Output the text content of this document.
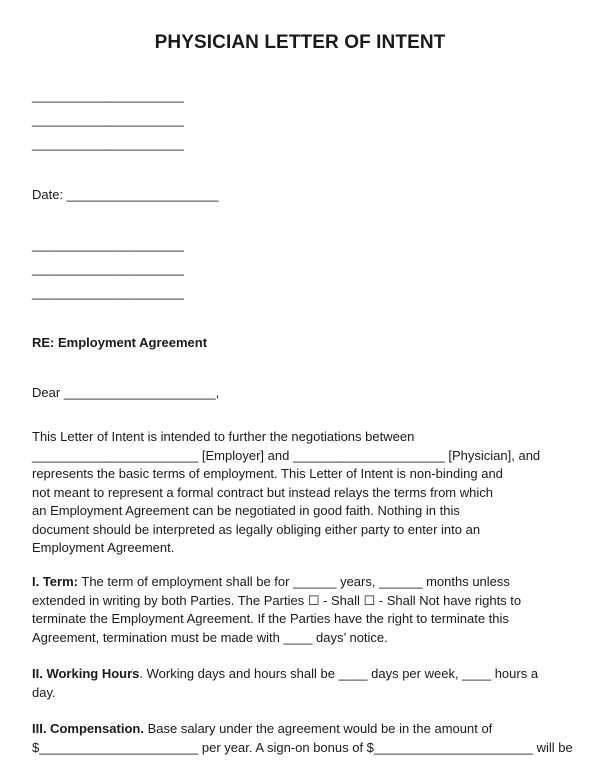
PHYSICIAN LETTER OF INTENT
_____________________
_____________________
_____________________
Date: _____________________
_____________________
_____________________
_____________________
RE: Employment Agreement
Dear _____________________,
This Letter of Intent is intended to further the negotiations between
_______________________ [Employer] and _____________________ [Physician], and
represents the basic terms of employment. This Letter of Intent is non-binding and
not meant to represent a formal contract but instead relays the terms from which
an Employment Agreement can be negotiated in good faith. Nothing in this
document should be interpreted as legally obliging either party to enter into an
Employment Agreement.
I. Term: The term of employment shall be for ______ years, ______ months unless
extended in writing by both Parties. The Parties ☐ - Shall ☐ - Shall Not have rights to
terminate the Employment Agreement. If the Parties have the right to terminate this
Agreement, termination must be made with ____ days’ notice.
II. Working Hours. Working days and hours shall be ____ days per week, ____ hours a
day.
III. Compensation. Base salary under the agreement would be in the amount of
$______________________ per year. A sign-on bonus of $______________________ will be
